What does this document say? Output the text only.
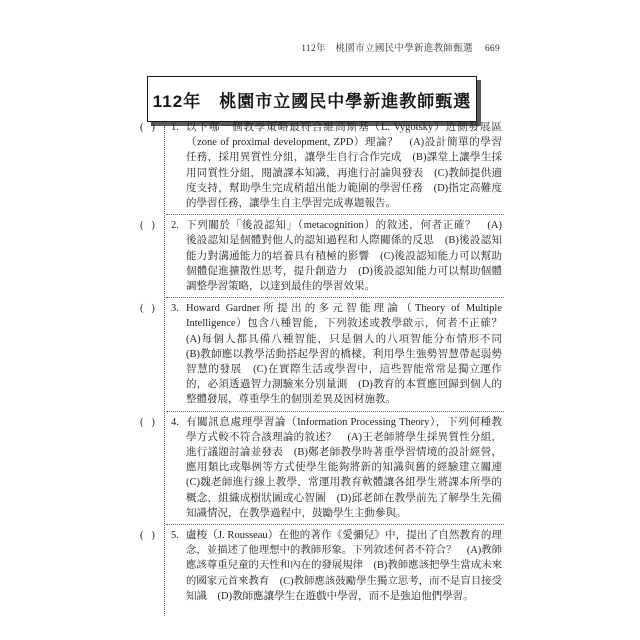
112年　桃園市立國民中學新進教師甄選 669
112年　桃園市立國民中學新進教師甄選
(   ) 1. 以下哪一個教學策略最符合維高斯基（L. Vygotsky）近側發展區
（zone of proximal development, ZPD）理論？　(A)設計簡單的學習
任務，採用異質性分組，讓學生自行合作完成　(B)課堂上讓學生採
用同質性分組，閱讀課本知識，再進行討論與發表　(C)教師提供適
度支持，幫助學生完成稍超出能力範圍的學習任務　(D)指定高難度
的學習任務，讓學生自主學習完成專題報告。
(   ) 2. 下列關於「後設認知」（metacognition）的敘述，何者正確？　(A)
後設認知是個體對他人的認知過程和人際關係的反思　(B)後設認知
能力對溝通能力的培養具有積極的影響　(C)後設認知能力可以幫助
個體促進擴散性思考，提升創造力　(D)後設認知能力可以幫助個體
調整學習策略，以達到最佳的學習效果。
(   ) 3. Howard Gardner所提出的多元智能理論（Theory of Multiple
Intelligence）包含八種智能，下列敘述或教學啟示，何者不正確？
(A)每個人都具備八種智能，只是個人的八項智能分布情形不同
(B)教師應以教學活動搭起學習的橋樑，利用學生強勢智慧帶起弱勢
智慧的發展　(C)在實際生活或學習中，這些智能常常是獨立運作
的，必須透過智力測驗來分別量測　(D)教育的本質應回歸到個人的
整體發展，尊重學生的個別差異及因材施教。
(   ) 4. 有關訊息處理學習論（Information Processing Theory），下列何種教
學方式較不符合該理論的敘述？　(A)王老師將學生採異質性分組，
進行議題討論並發表　(B)鄭老師教學時著重學習情境的設計經營，
應用類比或舉例等方式使學生能夠將新的知識與舊的經驗建立關連
(C)魏老師進行線上教學，常運用教育軟體讓各組學生將課本所學的
概念，組織成樹狀圖或心智圖　(D)邱老師在教學前先了解學生先備
知識情況，在教學過程中，鼓勵學生主動參與。
(   ) 5. 盧梭（J. Rousseau）在他的著作《愛彌兒》中，提出了自然教育的理
念，並描述了他理想中的教師形象。下列敘述何者不符合？　(A)教師
應該尊重兒童的天性和內在的發展規律　(B)教師應該把學生當成未來
的國家元首來教育　(C)教師應該鼓勵學生獨立思考，而不是盲目接受
知識　(D)教師應讓學生在遊戲中學習，而不是強迫他們學習。
